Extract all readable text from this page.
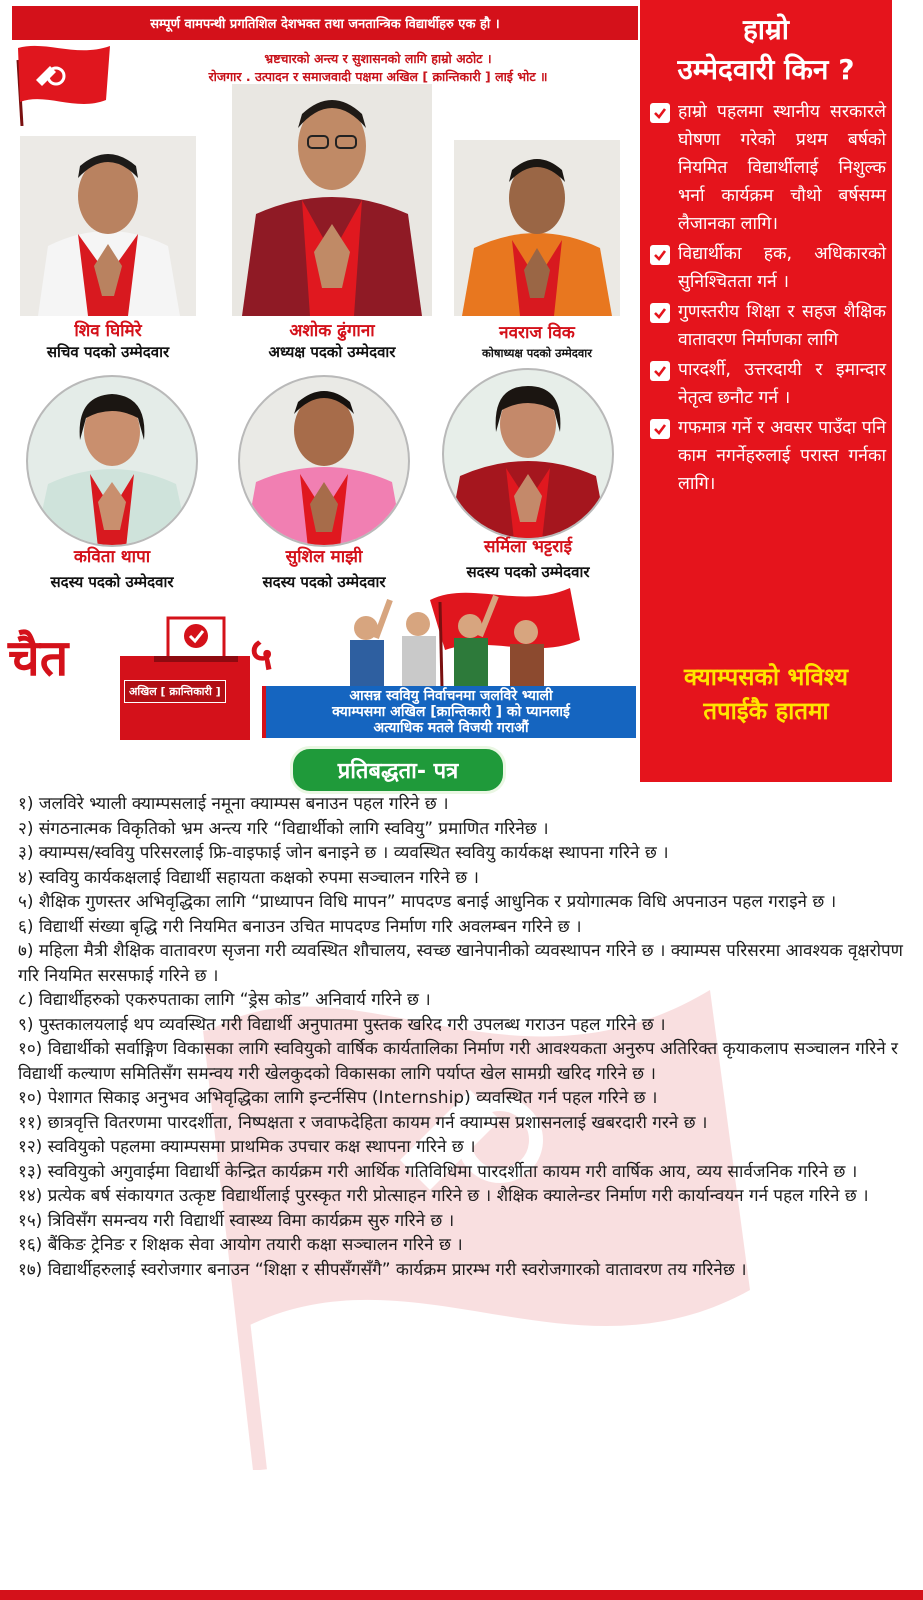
सम्पूर्ण वामपन्थी प्रगतिशिल देशभक्त तथा जनतान्त्रिक विद्यार्थीहरु एक हौ ।
भ्रष्टचारको अन्त्य र सुशासनको लागि हाम्रो अठोट ।
रोजगार . उत्पादन र समाजवादी पक्षमा अखिल [ क्रान्तिकारी ] लाई भोट ॥
शिव घिमिरे
सचिव पदको उम्मेदवार
अशोक ढुंगाना
अध्यक्ष पदको उम्मेदवार
नवराज विक
कोषाध्यक्ष पदको उम्मेदवार
कविता थापा
सदस्य पदको उम्मेदवार
सुशिल माझी
सदस्य पदको उम्मेदवार
सर्मिला भट्टराई
सदस्य पदको उम्मेदवार
हाम्रो
उम्मेदवारी किन ?
हाम्रो पहलमा स्थानीय सरकारले घोषणा गरेको प्रथम बर्षको नियमित विद्यार्थीलाई निशुल्क भर्ना कार्यक्रम चौथो बर्षसम्म लैजानका लागि।
विद्यार्थीका हक, अधिकारको सुनिश्चितता गर्न ।
गुणस्तरीय शिक्षा र सहज शैक्षिक वातावरण निर्माणका लागि
पारदर्शी, उत्तरदायी र इमान्दार नेतृत्व छनौट गर्न ।
गफमात्र गर्ने र अवसर पाउँदा पनि काम नगर्नेहरुलाई परास्त गर्नका लागि।
क्याम्पसको भविश्य
तपाईकै हातमा
चैत
अखिल [ क्रान्तिकारी ]
५
आसन्न स्ववियु निर्वाचनमा जलविरे भ्याली
क्याम्पसमा अखिल [क्रान्तिकारी ] को प्यानलाई
अत्याधिक मतले विजयी गराऔं
प्रतिबद्धता- पत्र
१) जलविरे भ्याली क्याम्पसलाई नमूना क्याम्पस बनाउन पहल गरिने छ ।
२) संगठनात्मक विकृतिको भ्रम अन्त्य गरि “विद्यार्थीको लागि स्ववियु” प्रमाणित गरिनेछ ।
३) क्याम्पस/स्ववियु परिसरलाई फ्रि-वाइफाई जोन बनाइने छ । व्यवस्थित स्ववियु कार्यकक्ष स्थापना गरिने छ ।
४) स्ववियु कार्यकक्षलाई विद्यार्थी सहायता कक्षको रुपमा सञ्चालन गरिने छ ।
५) शैक्षिक गुणस्तर अभिवृद्धिका लागि “प्राध्यापन विधि मापन” मापदण्ड बनाई आधुनिक र प्रयोगात्मक विधि अपनाउन पहल गराइने छ ।
६) विद्यार्थी संख्या बृद्धि गरी नियमित बनाउन उचित मापदण्ड निर्माण गरि अवलम्बन गरिने छ ।
७) महिला मैत्री शैक्षिक वातावरण सृजना गरी व्यवस्थित शौचालय, स्वच्छ खानेपानीको व्यवस्थापन गरिने छ । क्याम्पस परिसरमा आवश्यक वृक्षरोपण गरि नियमित सरसफाई गरिने छ ।
८) विद्यार्थीहरुको एकरुपताका लागि “ड्रेस कोड” अनिवार्य गरिने छ ।
९) पुस्तकालयलाई थप व्यवस्थित गरी विद्यार्थी अनुपातमा पुस्तक खरिद गरी उपलब्ध गराउन पहल गरिने छ ।
१०) विद्यार्थीको सर्वाङ्गिण विकासका लागि स्ववियुको वार्षिक कार्यतालिका निर्माण गरी आवश्यकता अनुरुप अतिरिक्त कृयाकलाप सञ्चालन गरिने र विद्यार्थी कल्याण समितिसँग समन्वय गरी खेलकुदको विकासका लागि पर्याप्त खेल सामग्री खरिद गरिने छ ।
१०) पेशागत सिकाइ अनुभव अभिवृद्धिका लागि इन्टर्नसिप (Internship) व्यवस्थित गर्न पहल गरिने छ ।
११) छात्रवृत्ति वितरणमा पारदर्शीता, निष्पक्षता र जवाफदेहिता कायम गर्न क्याम्पस प्रशासनलाई खबरदारी गरने छ ।
१२) स्ववियुको पहलमा क्याम्पसमा प्राथमिक उपचार कक्ष स्थापना गरिने छ ।
१३) स्ववियुको अगुवाईमा विद्यार्थी केन्द्रित कार्यक्रम गरी आर्थिक गतिविधिमा पारदर्शीता कायम गरी वार्षिक आय, व्यय सार्वजनिक गरिने छ ।
१४) प्रत्येक बर्ष संकायगत उत्कृष्ट विद्यार्थीलाई पुरस्कृत गरी प्रोत्साहन गरिने छ । शैक्षिक क्यालेन्डर निर्माण गरी कार्यान्वयन गर्न पहल गरिने छ ।
१५) त्रिविसँग समन्वय गरी विद्यार्थी स्वास्थ्य विमा कार्यक्रम सुरु गरिने छ ।
१६) बैंकिङ ट्रेनिङ र शिक्षक सेवा आयोग तयारी कक्षा सञ्चालन गरिने छ ।
१७) विद्यार्थीहरुलाई स्वरोजगार बनाउन “शिक्षा र सीपसँगसँगै” कार्यक्रम प्रारम्भ गरी स्वरोजगारको वातावरण तय गरिनेछ ।
